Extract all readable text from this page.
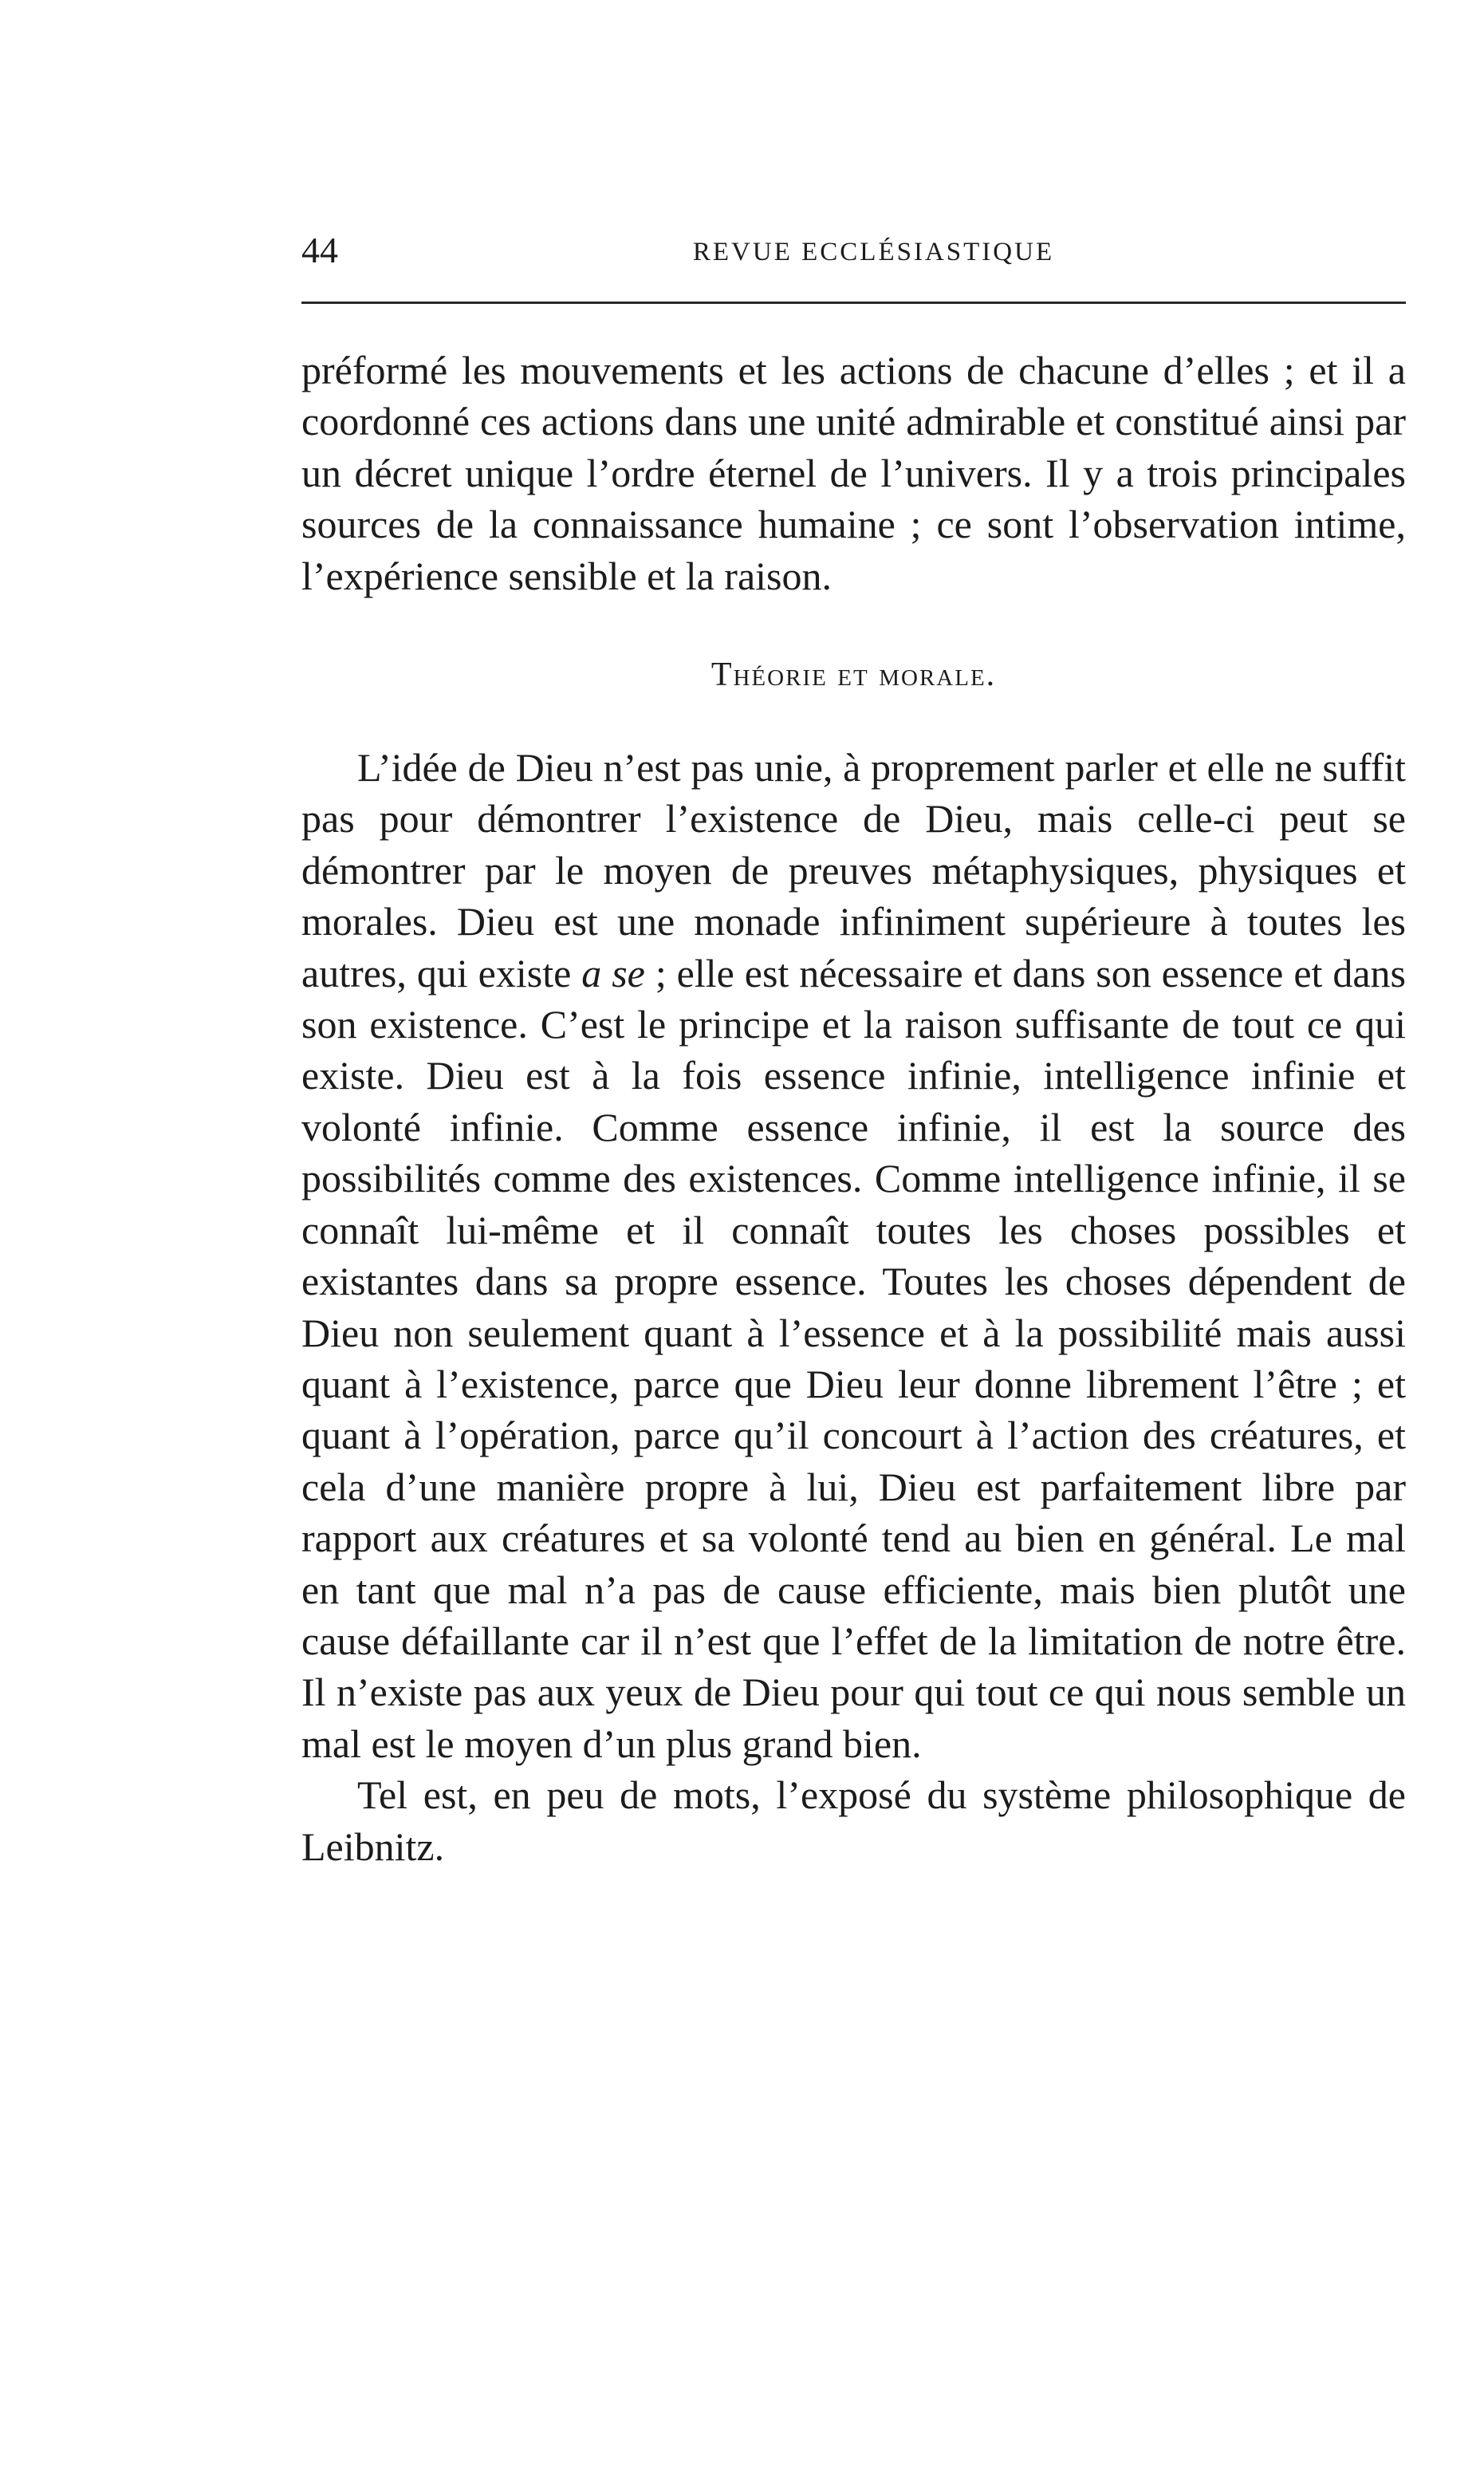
44	REVUE ECCLÉSIASTIQUE

préformé les mouvements et les actions de chacune d’elles ; et il a coordonné ces actions dans une unité admirable et constitué ainsi par un décret unique l’ordre éternel de l’univers. Il y a trois principales sources de la connaissance humaine ; ce sont l’observation intime, l’expérience sensible et la raison.

Théorie et morale.

L’idée de Dieu n’est pas unie, à proprement parler et elle ne suffit pas pour démontrer l’existence de Dieu, mais celle-ci peut se démontrer par le moyen de preuves métaphysiques, physiques et morales. Dieu est une monade infiniment supérieure à toutes les autres, qui existe a se ; elle est nécessaire et dans son essence et dans son existence. C’est le principe et la raison suffisante de tout ce qui existe. Dieu est à la fois essence infinie, intelligence infinie et volonté infinie. Comme essence infinie, il est la source des possibilités comme des existences. Comme intelligence infinie, il se connaît lui-même et il connaît toutes les choses possibles et existantes dans sa propre essence. Toutes les choses dépendent de Dieu non seulement quant à l’essence et à la possibilité mais aussi quant à l’existence, parce que Dieu leur donne librement l’être ; et quant à l’opération, parce qu’il concourt à l’action des créatures, et cela d’une manière propre à lui, Dieu est parfaitement libre par rapport aux créatures et sa volonté tend au bien en général. Le mal en tant que mal n’a pas de cause efficiente, mais bien plutôt une cause défaillante car il n’est que l’effet de la limitation de notre être. Il n’existe pas aux yeux de Dieu pour qui tout ce qui nous semble un mal est le moyen d’un plus grand bien.

Tel est, en peu de mots, l’exposé du système philosophique de Leibnitz.
